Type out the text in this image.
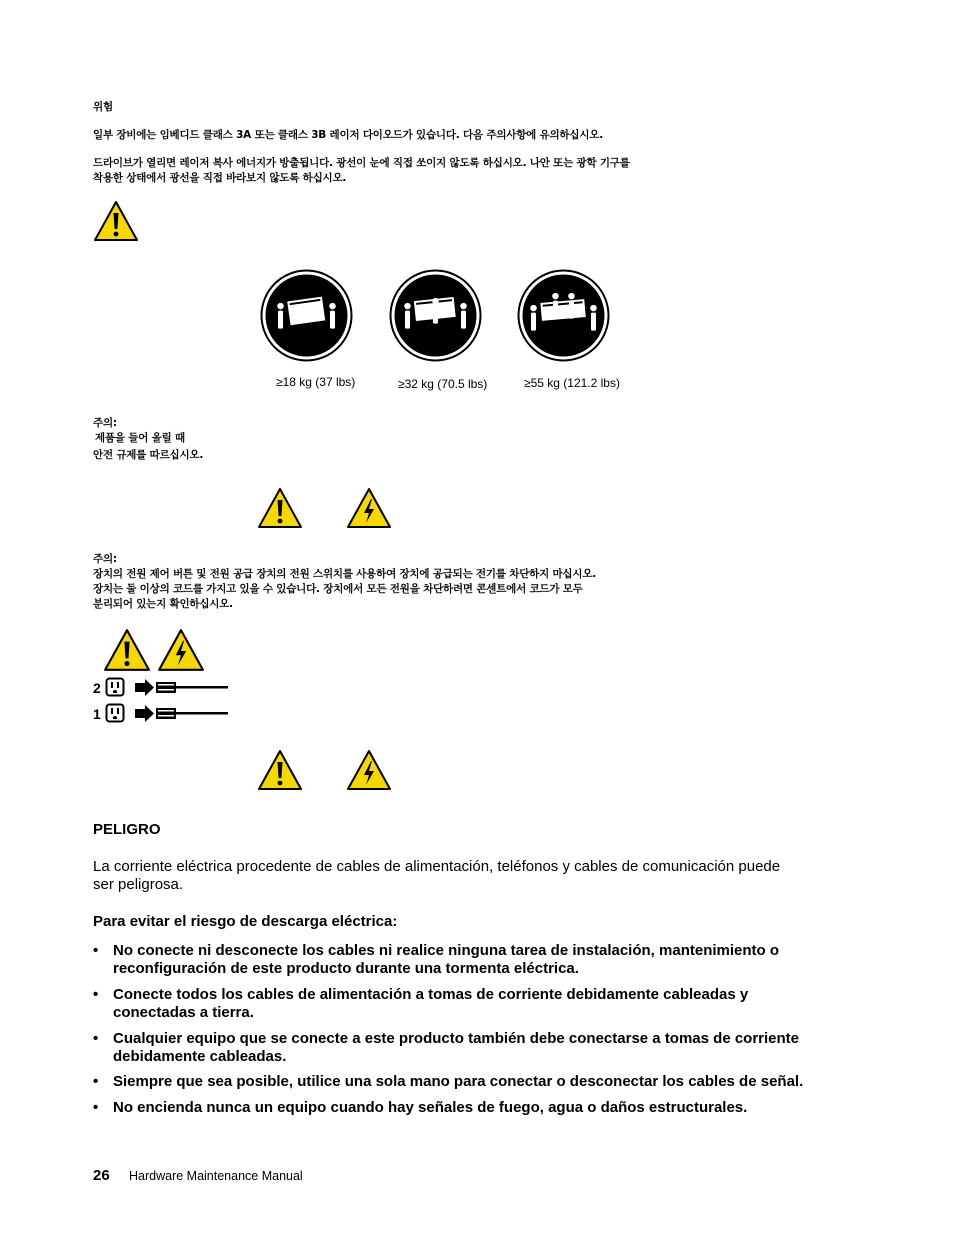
위험
일부 장비에는 임베디드 클래스 3A 또는 클래스 3B 레이저 다이오드가 있습니다. 다음 주의사항에 유의하십시오.
드라이브가 열리면 레이저 복사 에너지가 방출됩니다. 광선이 눈에 직접 쏘이지 않도록 하십시오. 나안 또는 광학 기구를
착용한 상태에서 광선을 직접 바라보지 않도록 하십시오.
≥18 kg (37 lbs)	≥32 kg (70.5 lbs)	≥55 kg (121.2 lbs)
주의:
제품을 들어 올릴 때
안전 규제를 따르십시오.
주의:
장치의 전원 제어 버튼 및 전원 공급 장치의 전원 스위치를 사용하여 장치에 공급되는 전기를 차단하지 마십시오.
장치는 둘 이상의 코드를 가지고 있을 수 있습니다. 장치에서 모든 전원을 차단하려면 콘센트에서 코드가 모두
분리되어 있는지 확인하십시오.
2
1
PELIGRO
La corriente eléctrica procedente de cables de alimentación, teléfonos y cables de comunicación puede
ser peligrosa.
Para evitar el riesgo de descarga eléctrica:
• No conecte ni desconecte los cables ni realice ninguna tarea de instalación, mantenimiento o reconfiguración de este producto durante una tormenta eléctrica.
• Conecte todos los cables de alimentación a tomas de corriente debidamente cableadas y conectadas a tierra.
• Cualquier equipo que se conecte a este producto también debe conectarse a tomas de corriente debidamente cableadas.
• Siempre que sea posible, utilice una sola mano para conectar o desconectar los cables de señal.
• No encienda nunca un equipo cuando hay señales de fuego, agua o daños estructurales.
26 Hardware Maintenance Manual
